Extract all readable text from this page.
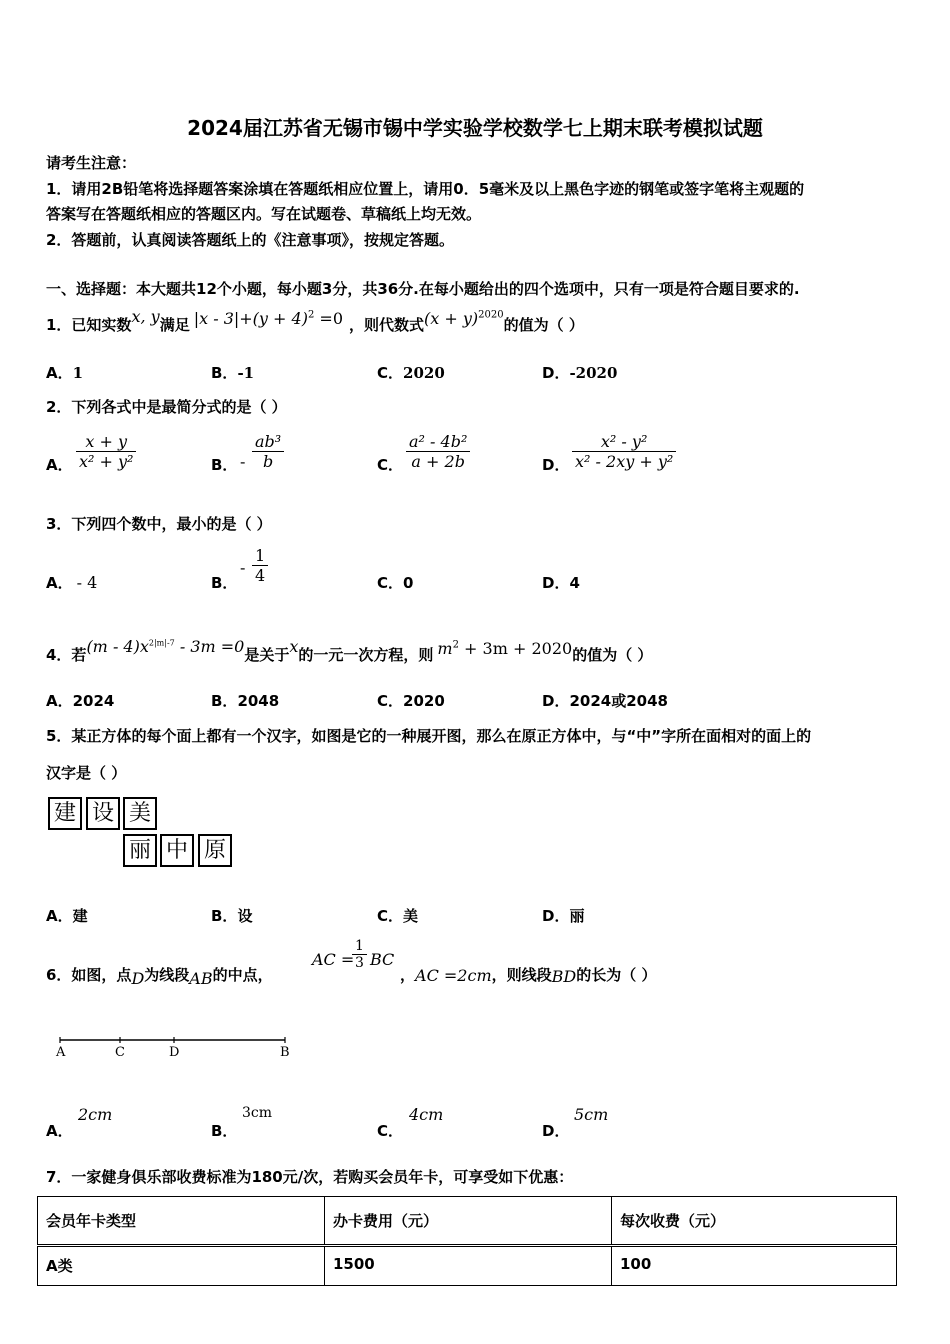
2024届江苏省无锡市锡中学实验学校数学七上期末联考模拟试题
请考生注意：
1．请用2B铅笔将选择题答案涂填在答题纸相应位置上，请用0．5毫米及以上黑色字迹的钢笔或签字笔将主观题的
答案写在答题纸相应的答题区内。写在试题卷、草稿纸上均无效。
2．答题前，认真阅读答题纸上的《注意事项》，按规定答题。
一、选择题：本大题共12个小题，每小题3分，共36分.在每小题给出的四个选项中，只有一项是符合题目要求的.
1．已知实数x, y满足 $|x - 3|+(y + 4)^2 =0$ ，则代数式$(x + y)^{2020}$的值为（ ）
A．1	B．-1	C．2020	D．-2020
2．下列各式中是最简分式的是（ ）
A． $\frac{x + y}{\text{x² + y²}}$	B． - $\frac{\text{ab³}}{b}$	C． $\frac{\text{a² - 4b²}}{a + 2b}$	D． $\frac{\text{x² - y²}}{\text{x² - 2xy + y²}}$
3．下列四个数中，最小的是（ ）
A． - 4	B．
- $\frac{1}{4}$	C．0	D．4
4．若$(m - 4)x^{2|m|-7} - 3m =0$是关于x的一元一次方程，则 $m^2 + 3m + 2020$的值为（ ）
A．2024	B．2048	C．2020	D．2024或2048
5．某正方体的每个面上都有一个汉字，如图是它的一种展开图，那么在原正方体中，与“中”字所在面相对的面上的
汉字是（ ）
建 设 美
丽 中 原
A．建	B．设	C．美	D．丽
6．如图，点D为线段AB的中点，
AC =
$\frac{1}{3}$ BC
，AC =2cm，则线段BD的长为（ ）
A	C	D	B
A．
2cm
B．
3cm
C．
4cm
D．
5cm
7．一家健身俱乐部收费标准为180元/次，若购买会员年卡，可享受如下优惠：
会员年卡类型	办卡费用（元）	每次收费（元）
A类	1500	100
